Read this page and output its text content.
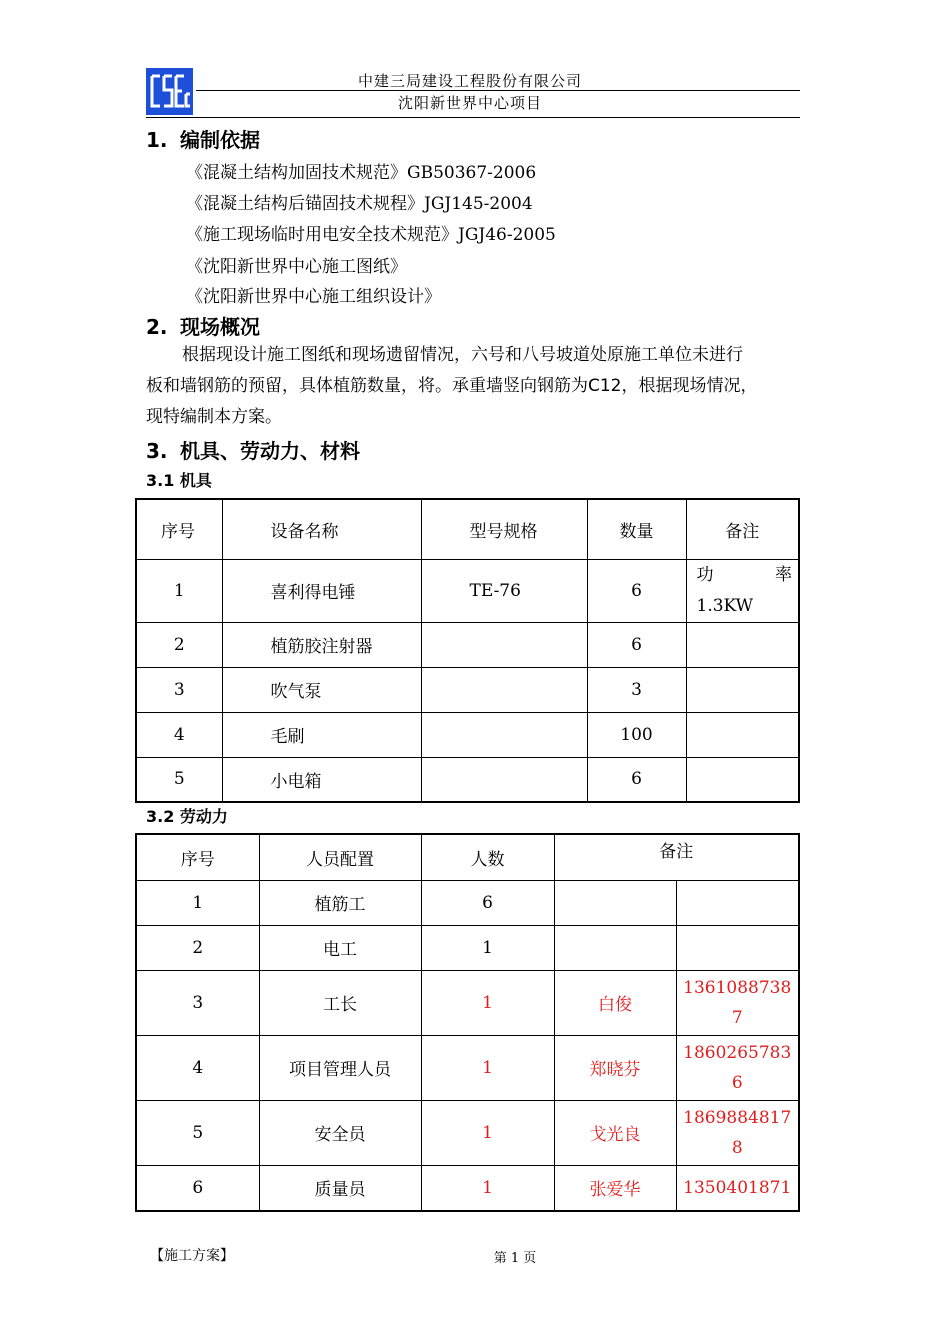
中建三局建设工程股份有限公司
沈阳新世界中心项目
1. 编制依据
《混凝土结构加固技术规范》GB50367-2006
《混凝土结构后锚固技术规程》JGJ145-2004
《施工现场临时用电安全技术规范》JGJ46-2005
《沈阳新世界中心施工图纸》
《沈阳新世界中心施工组织设计》
2. 现场概况
根据现设计施工图纸和现场遗留情况，六号和八号坡道处原施工单位未进行
板和墙钢筋的预留，具体植筋数量，将。承重墙竖向钢筋为C12，根据现场情况，
现特编制本方案。
3. 机具、劳动力、材料
3.1 机具
序号	设备名称	型号规格	数量	备注
1	喜利得电锤	TE-76	6	功 率
1.3KW

2	植筋胶注射器		6	
3	吹气泵		3	
4	毛刷		100	
5	小电箱		6	
3.2 劳动力
序号	人员配置	人数	备注	
1	植筋工	6		
2	电工	1		
3	工长	1	白俊	1361088738
7

4	项目管理人员	1	郑晓芬	1860265783
6

5	安全员	1	戈光良	1869884817
8

6	质量员	1	张爱华	1350401871
【施工方案】	第 1 页
